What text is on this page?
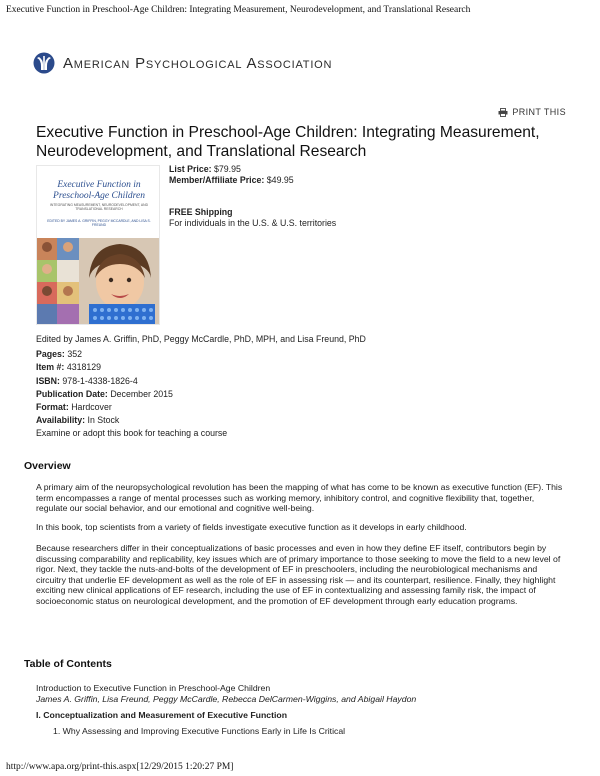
Executive Function in Preschool-Age Children: Integrating Measurement, Neurodevelopment, and Translational Research
American Psychological Association
PRINT THIS
Executive Function in Preschool-Age Children: Integrating Measurement, Neurodevelopment, and Translational Research
Executive Function in Preschool-Age Children
INTEGRATING MEASUREMENT, NEURODEVELOPMENT, AND TRANSLATIONAL RESEARCH
EDITED BY JAMES A. GRIFFIN, PEGGY MCCARDLE, AND LISA S. FREUND
List Price: $79.95
Member/Affiliate Price: $49.95
FREE Shipping
For individuals in the U.S. & U.S. territories
Edited by James A. Griffin, PhD, Peggy McCardle, PhD, MPH, and Lisa Freund, PhD
Pages: 352
Item #: 4318129
ISBN: 978-1-4338-1826-4
Publication Date: December 2015
Format: Hardcover
Availability: In Stock
Examine or adopt this book for teaching a course
Overview

A primary aim of the neuropsychological revolution has been the mapping of what has come to be known as executive function (EF). This term encompasses a range of mental processes such as working memory, inhibitory control, and cognitive flexibility that, together, regulate our social behavior, and our emotional and cognitive well-being.

In this book, top scientists from a variety of fields investigate executive function as it develops in early childhood.

Because researchers differ in their conceptualizations of basic processes and even in how they define EF itself, contributors begin by discussing comparability and replicability, key issues which are of primary importance to those seeking to move the field to a new level of rigor. Next, they tackle the nuts-and-bolts of the development of EF in preschoolers, including the neurobiological mechanisms and circuitry that underlie EF development as well as the role of EF in assessing risk — and its counterpart, resilience. Finally, they highlight exciting new clinical applications of EF research, including the use of EF in contextualizing and assessing family risk, the impact of socioeconomic status on neurological development, and the promotion of EF development through early education programs.

Table of Contents
Introduction to Executive Function in Preschool-Age Children
James A. Griffin, Lisa Freund, Peggy McCardle, Rebecca DelCarmen-Wiggins, and Abigail Haydon
I. Conceptualization and Measurement of Executive Function
1. Why Assessing and Improving Executive Functions Early in Life Is Critical
http://www.apa.org/print-this.aspx[12/29/2015 1:20:27 PM]
